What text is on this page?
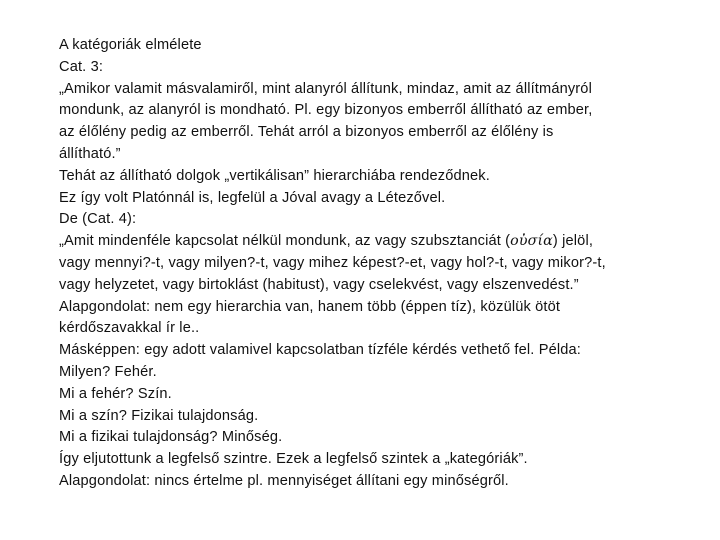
A katégoriák elmélete
Cat. 3:
„Amikor valamit másvalamiről, mint alanyról állítunk, mindaz, amit az állítmányról
mondunk, az alanyról is mondható. Pl. egy bizonyos emberről állítható az ember,
az élőlény pedig az emberről. Tehát arról a bizonyos emberről az élőlény is
állítható.”
Tehát az állítható dolgok „vertikálisan” hierarchiába rendeződnek.
Ez így volt Platónnál is, legfelül a Jóval avagy a Létezővel.
De (Cat. 4):
„Amit mindenféle kapcsolat nélkül mondunk, az vagy szubsztanciát (οὐσία) jelöl,
vagy mennyi?-t, vagy milyen?-t, vagy mihez képest?-et, vagy hol?-t, vagy mikor?-t,
vagy helyzetet, vagy birtoklást (habitust), vagy cselekvést, vagy elszenvedést.”
Alapgondolat: nem egy hierarchia van, hanem több (éppen tíz), közülük ötöt
kérdőszavakkal ír le..
Másképpen: egy adott valamivel kapcsolatban tízféle kérdés vethető fel. Példa:
Milyen? Fehér.
Mi a fehér? Szín.
Mi a szín? Fizikai tulajdonság.
Mi a fizikai tulajdonság? Minőség.
Így eljutottunk a legfelső szintre. Ezek a legfelső szintek a „kategóriák”.
Alapgondolat: nincs értelme pl. mennyiséget állítani egy minőségről.
